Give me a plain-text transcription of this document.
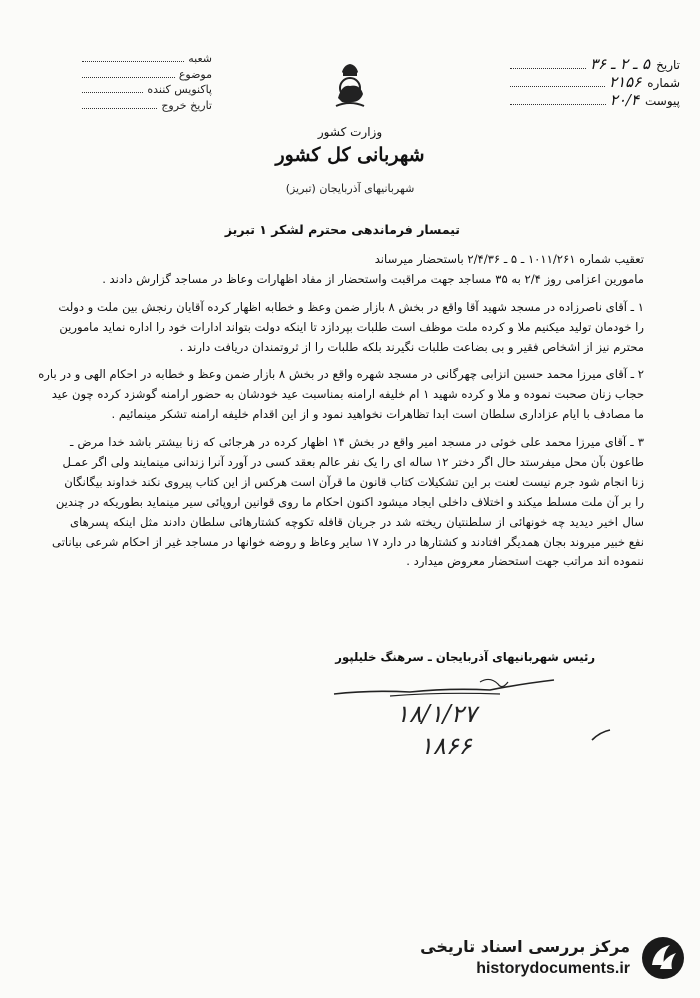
شعبه
موضوع
پاکنویس کننده
تاریخ خروج
تاریخ
۵ ـ ۲ ـ ۳۶
شماره
۲۱۵۶
پیوست
۲۰/۴
وزارت کشور
شهربانی کل کشور
شهربانیهای آذربایجان (تبریز)
تیمسار فرماندهی محترم لشکر ۱ تبریز
تعقیب شماره ۱۰۱۱/۲۶۱ ـ ۵ ـ ۲/۴/۳۶ باستحضار میرساند
مامورین اعزامی روز ۲/۴ به ۳۵ مساجد جهت مراقبت واستحضار از مفاد اظهارات وعاظ در مساجد گزارش دادند .
۱ ـ آقای ناصرزاده در مسجد شهید آقا واقع در بخش ۸ بازار ضمن وعظ و خطابه اظهار کرده آقایان رنجش بین ملت و دولت
را خودمان تولید میکنیم ملا و کرده ملت موظف است طلبات بپردازد تا اینکه دولت بتواند ادارات خود را اداره نماید مامورین
محترم نیز از اشخاص فقیر و بی بضاعت طلبات نگیرند بلکه طلبات را از ثروتمندان دریافت دارند .
۲ ـ آقای میرزا محمد حسین انزابی چهرگانی در مسجد شهره واقع در بخش ۸ بازار ضمن وعظ و خطابه در احکام الهی و در باره
حجاب زنان صحبت نموده و ملا و کرده شهید ۱ ام خلیفه ارامنه بمناسبت عید خودشان به حضور ارامنه گوشزد کرده چون عید
ما مصادف با ایام عزاداری سلطان است ابدا تظاهرات نخواهید نمود و از این اقدام خلیفه ارامنه تشکر مینمائیم .
۳ ـ آقای میرزا محمد علی خوئی در مسجد امیر واقع در بخش ۱۴ اظهار کرده در هرجائی که زنا بیشتر باشد خدا مرض ـ
طاعون بآن محل میفرستد حال اگر دختر ۱۲ ساله ای را یک نفر عالم بعقد کسی در آورد آنرا زندانی مینمایند ولی اگر عمـل
زنا انجام شود جرم نیست لعنت بر این تشکیلات کتاب قانون ما قرآن است هرکس از این کتاب پیروی نکند خداوند بیگانگان
را بر آن ملت مسلط میکند و اختلاف داخلی ایجاد میشود اکنون احکام ما روی قوانین اروپائی سیر مینماید بطوریکه در چندین
سال اخیر دیدید چه خونهائی از سلطنتیان ریخته شد در جریان قافله تکوچه کشتارهائی سلطان دادند مثل اینکه پسرهای
نفع خبیر میروند بجان همدیگر افتادند و کشتارها در دارد ۱۷ سایر وعاظ و روضه خوانها در مساجد غیر از احکام شرعی بیاناتی
ننموده اند مراتب جهت استحضار معروض میدارد .
رئیس شهربانیهای آذربایجان ـ سرهنگ خلیلپور
۱۸/۱/۲۷
۱۸۶۶
مرکز بررسی اسناد تاریخی
historydocuments.ir
